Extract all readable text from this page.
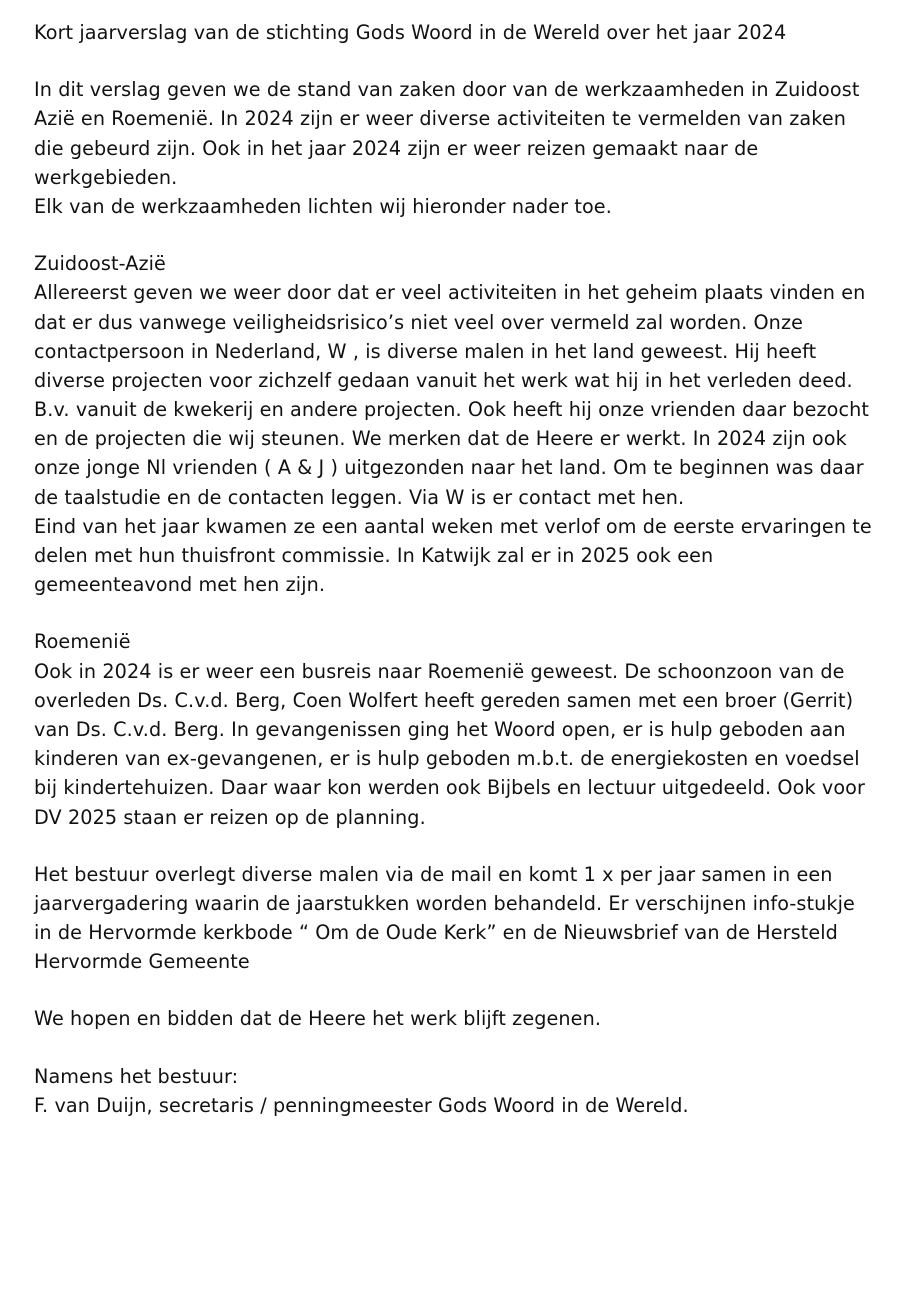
Kort jaarverslag van de stichting Gods Woord in de Wereld over het jaar 2024

In dit verslag geven we de stand van zaken door van de werkzaamheden in Zuidoost Azië en Roemenië. In 2024 zijn er weer diverse activiteiten te vermelden van zaken die gebeurd zijn. Ook in het jaar 2024 zijn er weer reizen gemaakt naar de werkgebieden.

Elk van de werkzaamheden lichten wij hieronder nader toe.

Zuidoost-Azië

Allereerst geven we weer door dat er veel activiteiten in het geheim plaats vinden en dat er dus vanwege veiligheidsrisico’s niet veel over vermeld zal worden. Onze contactpersoon in Nederland, W , is diverse malen in het land geweest. Hij heeft diverse projecten voor zichzelf gedaan vanuit het werk wat hij in het verleden deed. B.v. vanuit de kwekerij en andere projecten. Ook heeft hij onze vrienden daar bezocht en de projecten die wij steunen. We merken dat de Heere er werkt. In 2024 zijn ook onze jonge Nl vrienden ( A & J ) uitgezonden naar het land. Om te beginnen was daar de taalstudie en de contacten leggen. Via W is er contact met hen.

Eind van het jaar kwamen ze een aantal weken met verlof om de eerste ervaringen te delen met hun thuisfront commissie. In Katwijk zal er in 2025 ook een gemeenteavond met hen zijn.

Roemenië

Ook in 2024 is er weer een busreis naar Roemenië geweest. De schoonzoon van de overleden Ds. C.v.d. Berg, Coen Wolfert heeft gereden samen met een broer (Gerrit) van Ds. C.v.d. Berg. In gevangenissen ging het Woord open, er is hulp geboden aan kinderen van ex-gevangenen, er is hulp geboden m.b.t. de energiekosten en voedsel bij kindertehuizen. Daar waar kon werden ook Bijbels en lectuur uitgedeeld. Ook voor DV 2025 staan er reizen op de planning.

Het bestuur overlegt diverse malen via de mail en komt 1 x per jaar samen in een jaarvergadering waarin de jaarstukken worden behandeld. Er verschijnen info-stukje in de Hervormde kerkbode “ Om de Oude Kerk” en de Nieuwsbrief van de Hersteld Hervormde Gemeente

We hopen en bidden dat de Heere het werk blijft zegenen.

Namens het bestuur:

F. van Duijn, secretaris / penningmeester Gods Woord in de Wereld.
